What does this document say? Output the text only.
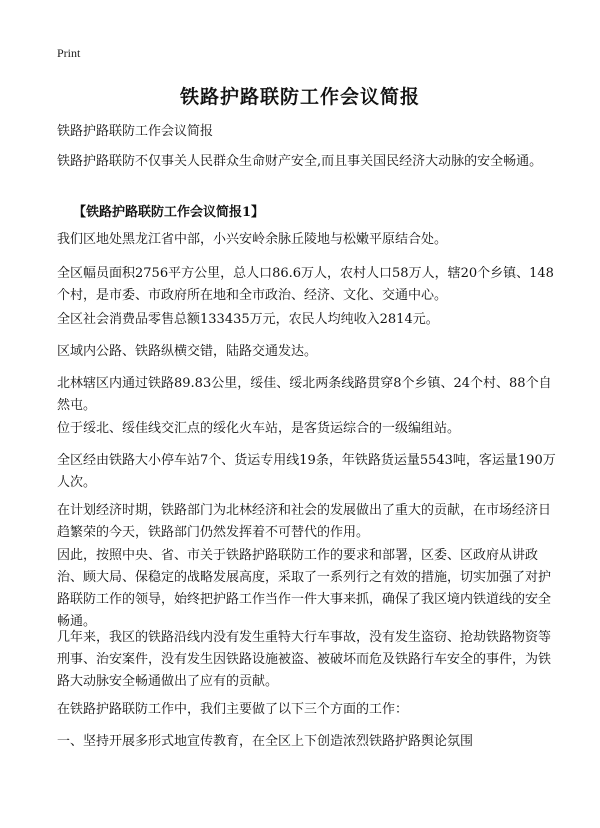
Print
铁路护路联防工作会议简报

铁路护路联防工作会议简报

铁路护路联防不仅事关人民群众生命财产安全,而且事关国民经济大动脉的安全畅通。

【铁路护路联防工作会议简报1】

我们区地处黑龙江省中部，小兴安岭余脉丘陵地与松嫩平原结合处。

全区幅员面积2756平方公里，总人口86.6万人，农村人口58万人，辖20个乡镇、148个村，是市委、市政府所在地和全市政治、经济、文化、交通中心。

全区社会消费品零售总额133435万元，农民人均纯收入2814元。

区域内公路、铁路纵横交错，陆路交通发达。

北林辖区内通过铁路89.83公里，绥佳、绥北两条线路贯穿8个乡镇、24个村、88个自然屯。

位于绥北、绥佳线交汇点的绥化火车站，是客货运综合的一级编组站。

全区经由铁路大小停车站7个、货运专用线19条，年铁路货运量5543吨，客运量190万人次。

在计划经济时期，铁路部门为北林经济和社会的发展做出了重大的贡献，在市场经济日趋繁荣的今天，铁路部门仍然发挥着不可替代的作用。

因此，按照中央、省、市关于铁路护路联防工作的要求和部署，区委、区政府从讲政治、顾大局、保稳定的战略发展高度，采取了一系列行之有效的措施，切实加强了对护路联防工作的领导，始终把护路工作当作一件大事来抓，确保了我区境内铁道线的安全畅通。

几年来，我区的铁路沿线内没有发生重特大行车事故，没有发生盗窃、抢劫铁路物资等刑事、治安案件，没有发生因铁路设施被盗、被破坏而危及铁路行车安全的事件，为铁路大动脉安全畅通做出了应有的贡献。

在铁路护路联防工作中，我们主要做了以下三个方面的工作：

一、坚持开展多形式地宣传教育，在全区上下创造浓烈铁路护路舆论氛围
